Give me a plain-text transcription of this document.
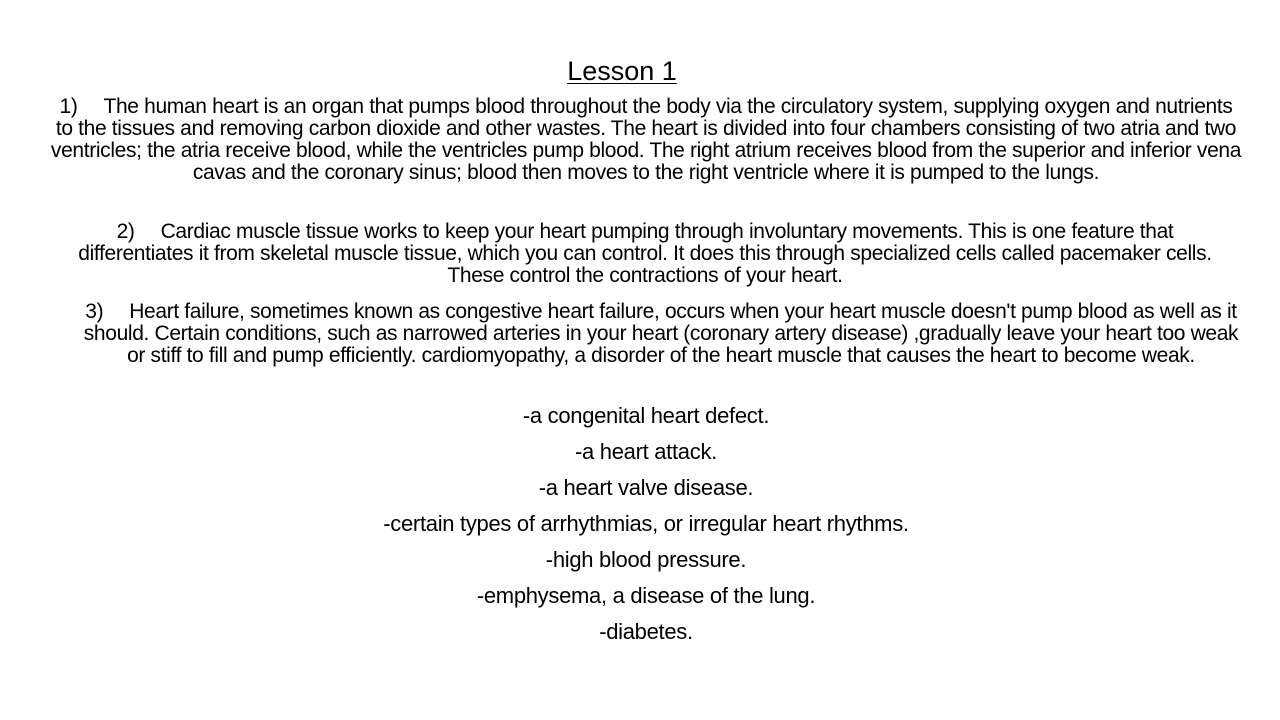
Lesson 1

1) The human heart is an organ that pumps blood throughout the body via the circulatory system, supplying oxygen and nutrients to the tissues and removing carbon dioxide and other wastes. The heart is divided into four chambers consisting of two atria and two ventricles; the atria receive blood, while the ventricles pump blood. The right atrium receives blood from the superior and inferior vena cavas and the coronary sinus; blood then moves to the right ventricle where it is pumped to the lungs.

2) Cardiac muscle tissue works to keep your heart pumping through involuntary movements. This is one feature that differentiates it from skeletal muscle tissue, which you can control. It does this through specialized cells called pacemaker cells. These control the contractions of your heart.

3) Heart failure, sometimes known as congestive heart failure, occurs when your heart muscle doesn't pump blood as well as it should. Certain conditions, such as narrowed arteries in your heart (coronary artery disease) ,gradually leave your heart too weak or stiff to fill and pump efficiently. cardiomyopathy, a disorder of the heart muscle that causes the heart to become weak.

-a congenital heart defect.
-a heart attack.
-a heart valve disease.
-certain types of arrhythmias, or irregular heart rhythms.
-high blood pressure.
-emphysema, a disease of the lung.
-diabetes.
